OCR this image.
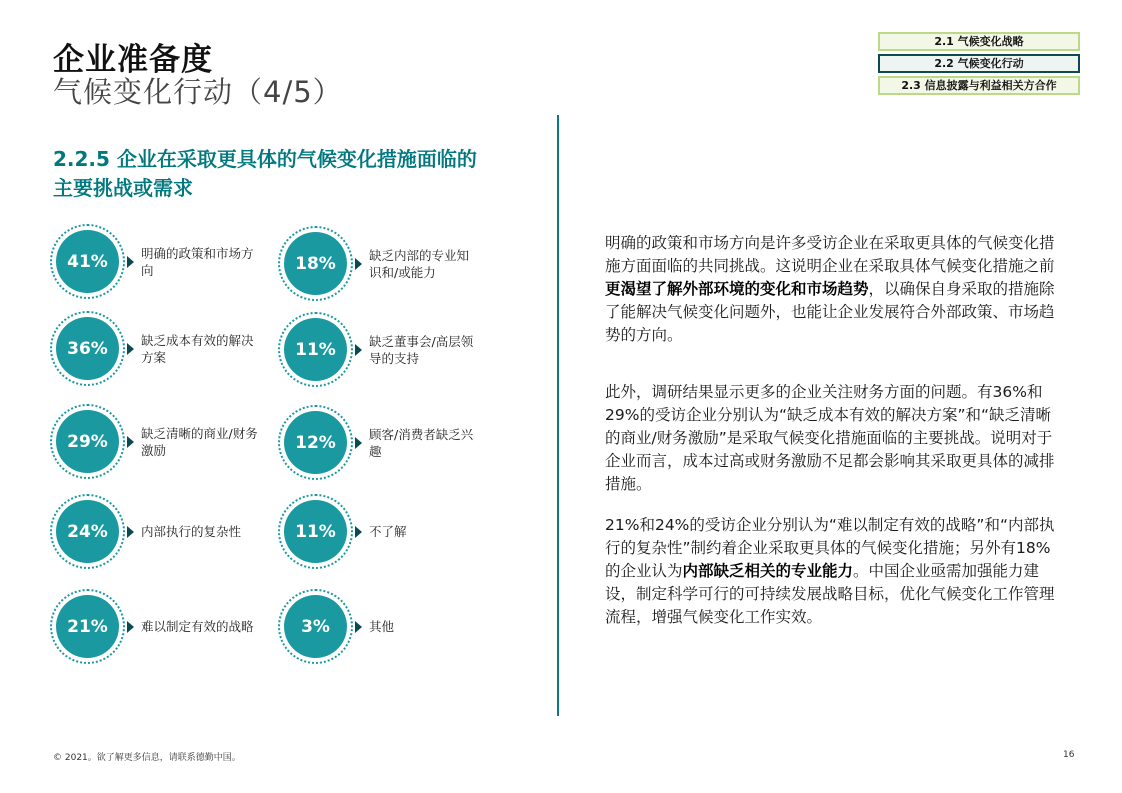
企业准备度
气候变化行动（4/5）
2.1 气候变化战略
2.2 气候变化行动
2.3 信息披露与利益相关方合作
2.2.5 企业在采取更具体的气候变化措施面临的
主要挑战或需求
41%	明确的政策和市场方向
36%	缺乏成本有效的解决方案
29%	缺乏清晰的商业/财务激励
24%	内部执行的复杂性
21%	难以制定有效的战略
18%	缺乏内部的专业知识和/或能力
11%	缺乏董事会/高层领导的支持
12%	顾客/消费者缺乏兴趣
11%	不了解
3%	其他
明确的政策和市场方向是许多受访企业在采取更具体的气候变化措施方面面临的共同挑战。这说明企业在采取具体气候变化措施之前更渴望了解外部环境的变化和市场趋势，以确保自身采取的措施除了能解决气候变化问题外，也能让企业发展符合外部政策、市场趋势的方向。
此外，调研结果显示更多的企业关注财务方面的问题。有36%和29%的受访企业分别认为“缺乏成本有效的解决方案”和“缺乏清晰的商业/财务激励”是采取气候变化措施面临的主要挑战。说明对于企业而言，成本过高或财务激励不足都会影响其采取更具体的减排措施。
21%和24%的受访企业分别认为“难以制定有效的战略”和“内部执行的复杂性”制约着企业采取更具体的气候变化措施；另外有18%的企业认为内部缺乏相关的专业能力。中国企业亟需加强能力建设，制定科学可行的可持续发展战略目标，优化气候变化工作管理流程，增强气候变化工作实效。
© 2021。欲了解更多信息，请联系德勤中国。	16
